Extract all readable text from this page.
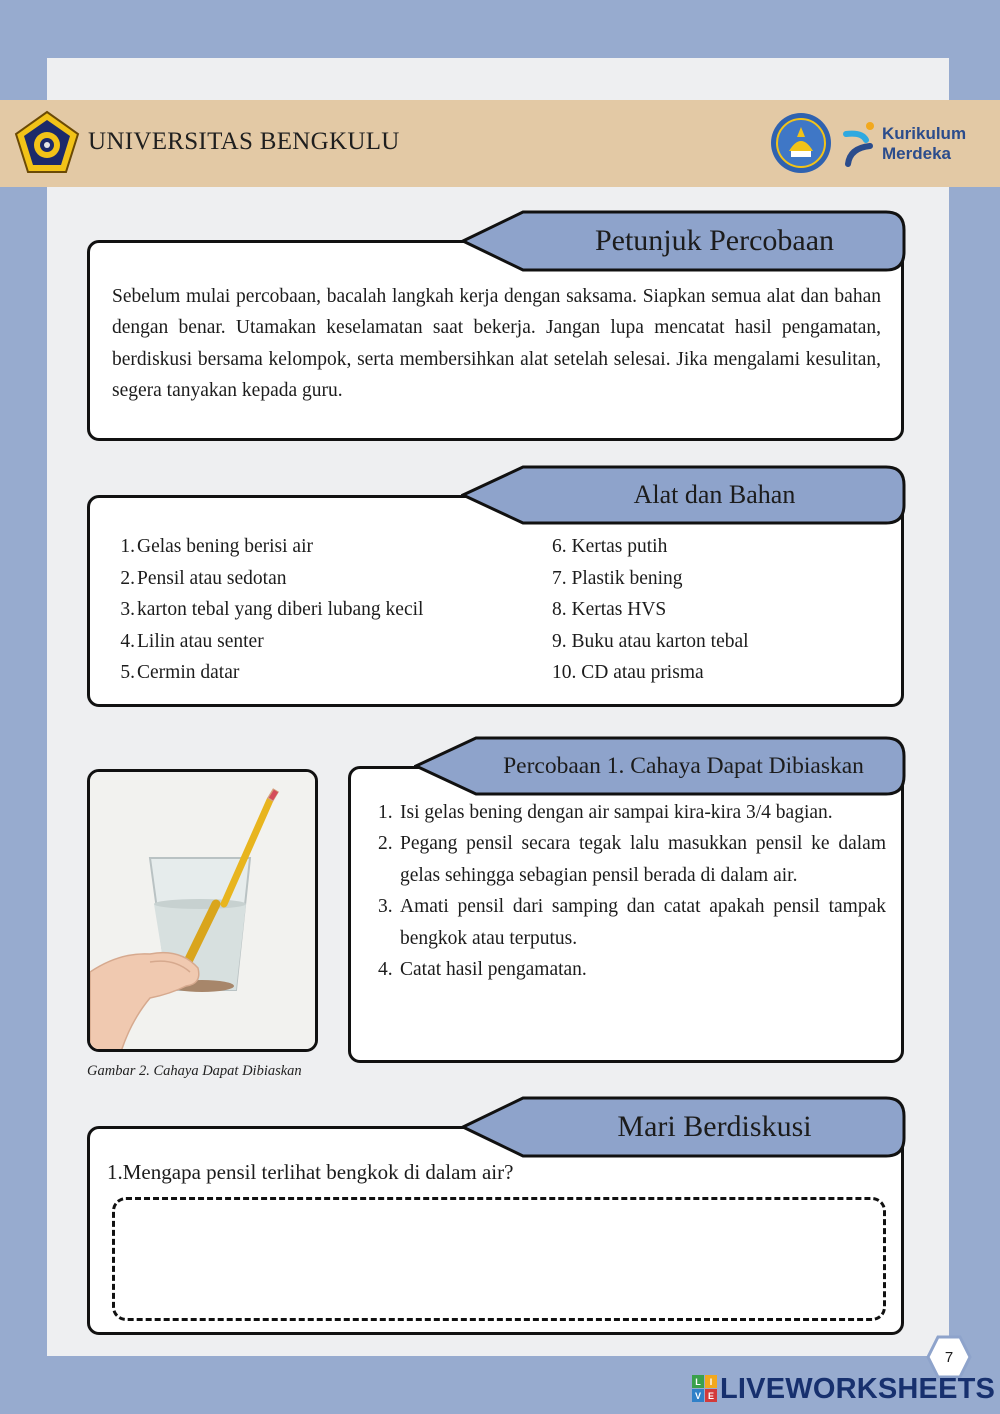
UNIVERSITAS BENGKULU	Kurikulum
Merdeka
Petunjuk Percobaan
Sebelum mulai percobaan, bacalah langkah kerja dengan saksama. Siapkan semua alat dan bahan dengan benar. Utamakan keselamatan saat bekerja. Jangan lupa mencatat hasil pengamatan, berdiskusi bersama kelompok, serta membersihkan alat setelah selesai. Jika mengalami kesulitan, segera tanyakan kepada guru.
Alat dan Bahan
1. Gelas bening berisi air
2. Pensil atau sedotan
3. karton tebal yang diberi lubang kecil
4. Lilin atau senter
5. Cermin datar
6.
Kertas putih
7.
Plastik bening
8.
Kertas HVS
9.
Buku atau karton tebal
10.
CD atau prisma
Gambar 2. Cahaya Dapat Dibiaskan
Percobaan 1. Cahaya Dapat Dibiaskan
1. Isi gelas bening dengan air sampai kira-kira 3/4 bagian.
2. Pegang pensil secara tegak lalu masukkan pensil ke dalam gelas sehingga sebagian pensil berada di dalam air.
3. Amati pensil dari samping dan catat apakah pensil tampak bengkok atau terputus.
4. Catat hasil pengamatan.
Mari Berdiskusi
1.Mengapa pensil terlihat bengkok di dalam air?
7
L I
V E LIVEWORKSHEETS
